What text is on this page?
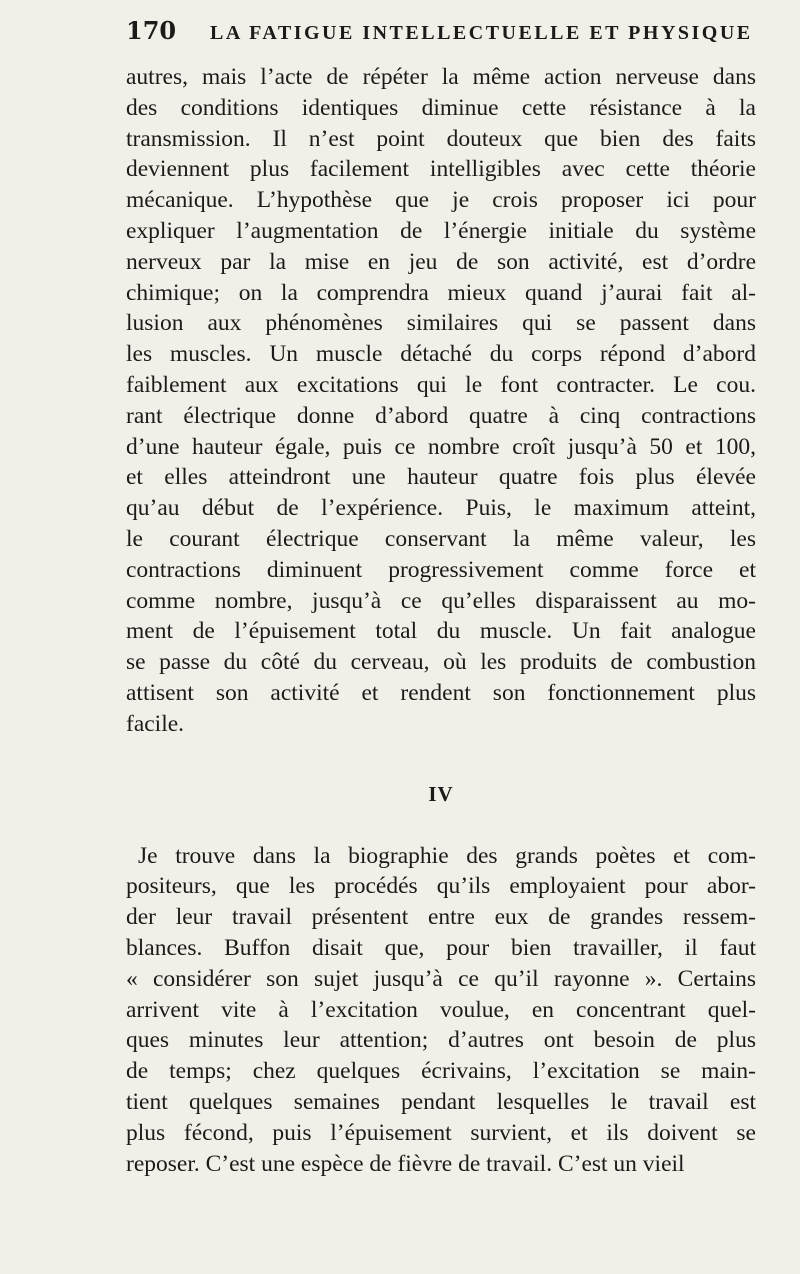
170	LA FATIGUE INTELLECTUELLE ET PHYSIQUE
autres, mais l’acte de répéter la même action nerveuse dans
des conditions identiques diminue cette résistance à la
transmission. Il n’est point douteux que bien des faits
deviennent plus facilement intelligibles avec cette théorie
mécanique. L’hypothèse que je crois proposer ici pour
expliquer l’augmentation de l’énergie initiale du système
nerveux par la mise en jeu de son activité, est d’ordre
chimique; on la comprendra mieux quand j’aurai fait al-
lusion aux phénomènes similaires qui se passent dans
les muscles. Un muscle détaché du corps répond d’abord
faiblement aux excitations qui le font contracter. Le cou.
rant électrique donne d’abord quatre à cinq contractions
d’une hauteur égale, puis ce nombre croît jusqu’à 50 et 100,
et elles atteindront une hauteur quatre fois plus élevée
qu’au début de l’expérience. Puis, le maximum atteint,
le courant électrique conservant la même valeur, les
contractions diminuent progressivement comme force et
comme nombre, jusqu’à ce qu’elles disparaissent au mo-
ment de l’épuisement total du muscle. Un fait analogue
se passe du côté du cerveau, où les produits de combustion
attisent son activité et rendent son fonctionnement plus
facile.
IV
Je trouve dans la biographie des grands poètes et com-
positeurs, que les procédés qu’ils employaient pour abor-
der leur travail présentent entre eux de grandes ressem-
blances. Buffon disait que, pour bien travailler, il faut
« considérer son sujet jusqu’à ce qu’il rayonne ». Certains
arrivent vite à l’excitation voulue, en concentrant quel-
ques minutes leur attention; d’autres ont besoin de plus
de temps; chez quelques écrivains, l’excitation se main-
tient quelques semaines pendant lesquelles le travail est
plus fécond, puis l’épuisement survient, et ils doivent se
reposer. C’est une espèce de fièvre de travail. C’est un vieil
